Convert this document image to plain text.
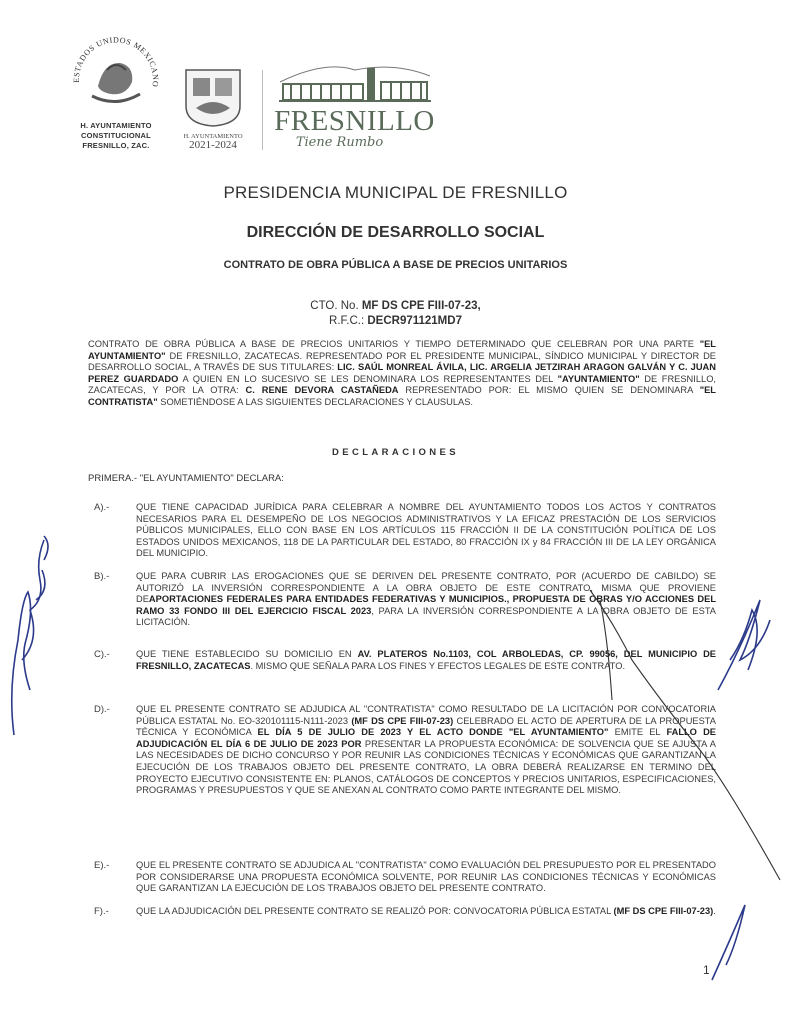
ESTADOS UNIDOS MEXICANOS
H. AYUNTAMIENTO
CONSTITUCIONAL
FRESNILLO, ZAC.
H. AYUNTAMIENTO
2021-2024
FRESNILLO
Tiene Rumbo
PRESIDENCIA MUNICIPAL DE FRESNILLO
DIRECCIÓN DE DESARROLLO SOCIAL
CONTRATO DE OBRA PÚBLICA A BASE DE PRECIOS UNITARIOS
CTO. No. MF DS CPE FIII-07-23,
R.F.C.: DECR971121MD7
CONTRATO DE OBRA PÚBLICA A BASE DE PRECIOS UNITARIOS Y TIEMPO DETERMINADO QUE CELEBRAN POR UNA PARTE "EL AYUNTAMIENTO" DE FRESNILLO, ZACATECAS. REPRESENTADO POR EL PRESIDENTE MUNICIPAL, SÍNDICO MUNICIPAL Y DIRECTOR DE DESARROLLO SOCIAL, A TRAVÉS DE SUS TITULARES: LIC. SAÚL MONREAL ÁVILA, LIC. ARGELIA JETZIRAH ARAGON GALVÁN Y C. JUAN PEREZ GUARDADO A QUIEN EN LO SUCESIVO SE LES DENOMINARA LOS REPRESENTANTES DEL "AYUNTAMIENTO" DE FRESNILLO, ZACATECAS, Y POR LA OTRA: C. RENE DEVORA CASTAÑEDA REPRESENTADO POR: EL MISMO QUIEN SE DENOMINARA "EL CONTRATISTA" SOMETIÉNDOSE A LAS SIGUIENTES DECLARACIONES Y CLAUSULAS.
DECLARACIONES
PRIMERA.- "EL AYUNTAMIENTO" DECLARA:
A).-	QUE TIENE CAPACIDAD JURÍDICA PARA CELEBRAR A NOMBRE DEL AYUNTAMIENTO TODOS LOS ACTOS Y CONTRATOS NECESARIOS PARA EL DESEMPEÑO DE LOS NEGOCIOS ADMINISTRATIVOS Y LA EFICAZ PRESTACIÓN DE LOS SERVICIOS PÚBLICOS MUNICIPALES, ELLO CON BASE EN LOS ARTÍCULOS 115 FRACCIÓN II DE LA CONSTITUCIÓN POLÍTICA DE LOS ESTADOS UNIDOS MEXICANOS, 118 DE LA PARTICULAR DEL ESTADO, 80 FRACCIÓN IX y 84 FRACCIÓN III DE LA LEY ORGÁNICA DEL MUNICIPIO.
B).-	QUE PARA CUBRIR LAS EROGACIONES QUE SE DERIVEN DEL PRESENTE CONTRATO, POR (ACUERDO DE CABILDO) SE AUTORIZÓ LA INVERSIÓN CORRESPONDIENTE A LA OBRA OBJETO DE ESTE CONTRATO, MISMA QUE PROVIENE DEAPORTACIONES FEDERALES PARA ENTIDADES FEDERATIVAS Y MUNICIPIOS., PROPUESTA DE OBRAS Y/O ACCIONES DEL RAMO 33 FONDO III DEL EJERCICIO FISCAL 2023, PARA LA INVERSIÓN CORRESPONDIENTE A LA OBRA OBJETO DE ESTA LICITACIÓN.
C).-	QUE TIENE ESTABLECIDO SU DOMICILIO EN AV. PLATEROS No.1103, COL ARBOLEDAS, CP. 99056, DEL MUNICIPIO DE FRESNILLO, ZACATECAS. MISMO QUE SEÑALA PARA LOS FINES Y EFECTOS LEGALES DE ESTE CONTRATO.
D).-	QUE EL PRESENTE CONTRATO SE ADJUDICA AL "CONTRATISTA" COMO RESULTADO DE LA LICITACIÓN POR CONVOCATORIA PÚBLICA ESTATAL No. EO-320101115-N111-2023 (MF DS CPE FIII-07-23) CELEBRADO EL ACTO DE APERTURA DE LA PROPUESTA TÉCNICA Y ECONÓMICA EL DÍA 5 DE JULIO DE 2023 Y EL ACTO DONDE "EL AYUNTAMIENTO" EMITE EL FALLO DE ADJUDICACIÓN EL DÍA 6 DE JULIO DE 2023 POR PRESENTAR LA PROPUESTA ECONÓMICA: DE SOLVENCIA QUE SE AJUSTA A LAS NECESIDADES DE DICHO CONCURSO Y POR REUNIR LAS CONDICIONES TÉCNICAS Y ECONÓMICAS QUE GARANTIZAN LA EJECUCIÓN DE LOS TRABAJOS OBJETO DEL PRESENTE CONTRATO, LA OBRA DEBERÁ REALIZARSE EN TERMINO DEL PROYECTO EJECUTIVO CONSISTENTE EN: PLANOS, CATÁLOGOS DE CONCEPTOS Y PRECIOS UNITARIOS, ESPECIFICACIONES, PROGRAMAS Y PRESUPUESTOS Y QUE SE ANEXAN AL CONTRATO COMO PARTE INTEGRANTE DEL MISMO.
E).-	QUE EL PRESENTE CONTRATO SE ADJUDICA AL "CONTRATISTA" COMO EVALUACIÓN DEL PRESUPUESTO POR EL PRESENTADO POR CONSIDERARSE UNA PROPUESTA ECONÓMICA SOLVENTE, POR REUNIR LAS CONDICIONES TÉCNICAS Y ECONÓMICAS QUE GARANTIZAN LA EJECUCIÓN DE LOS TRABAJOS OBJETO DEL PRESENTE CONTRATO.
F).-	QUE LA ADJUDICACIÓN DEL PRESENTE CONTRATO SE REALIZÓ POR: CONVOCATORIA PÚBLICA ESTATAL (MF DS CPE FIII-07-23).
1
